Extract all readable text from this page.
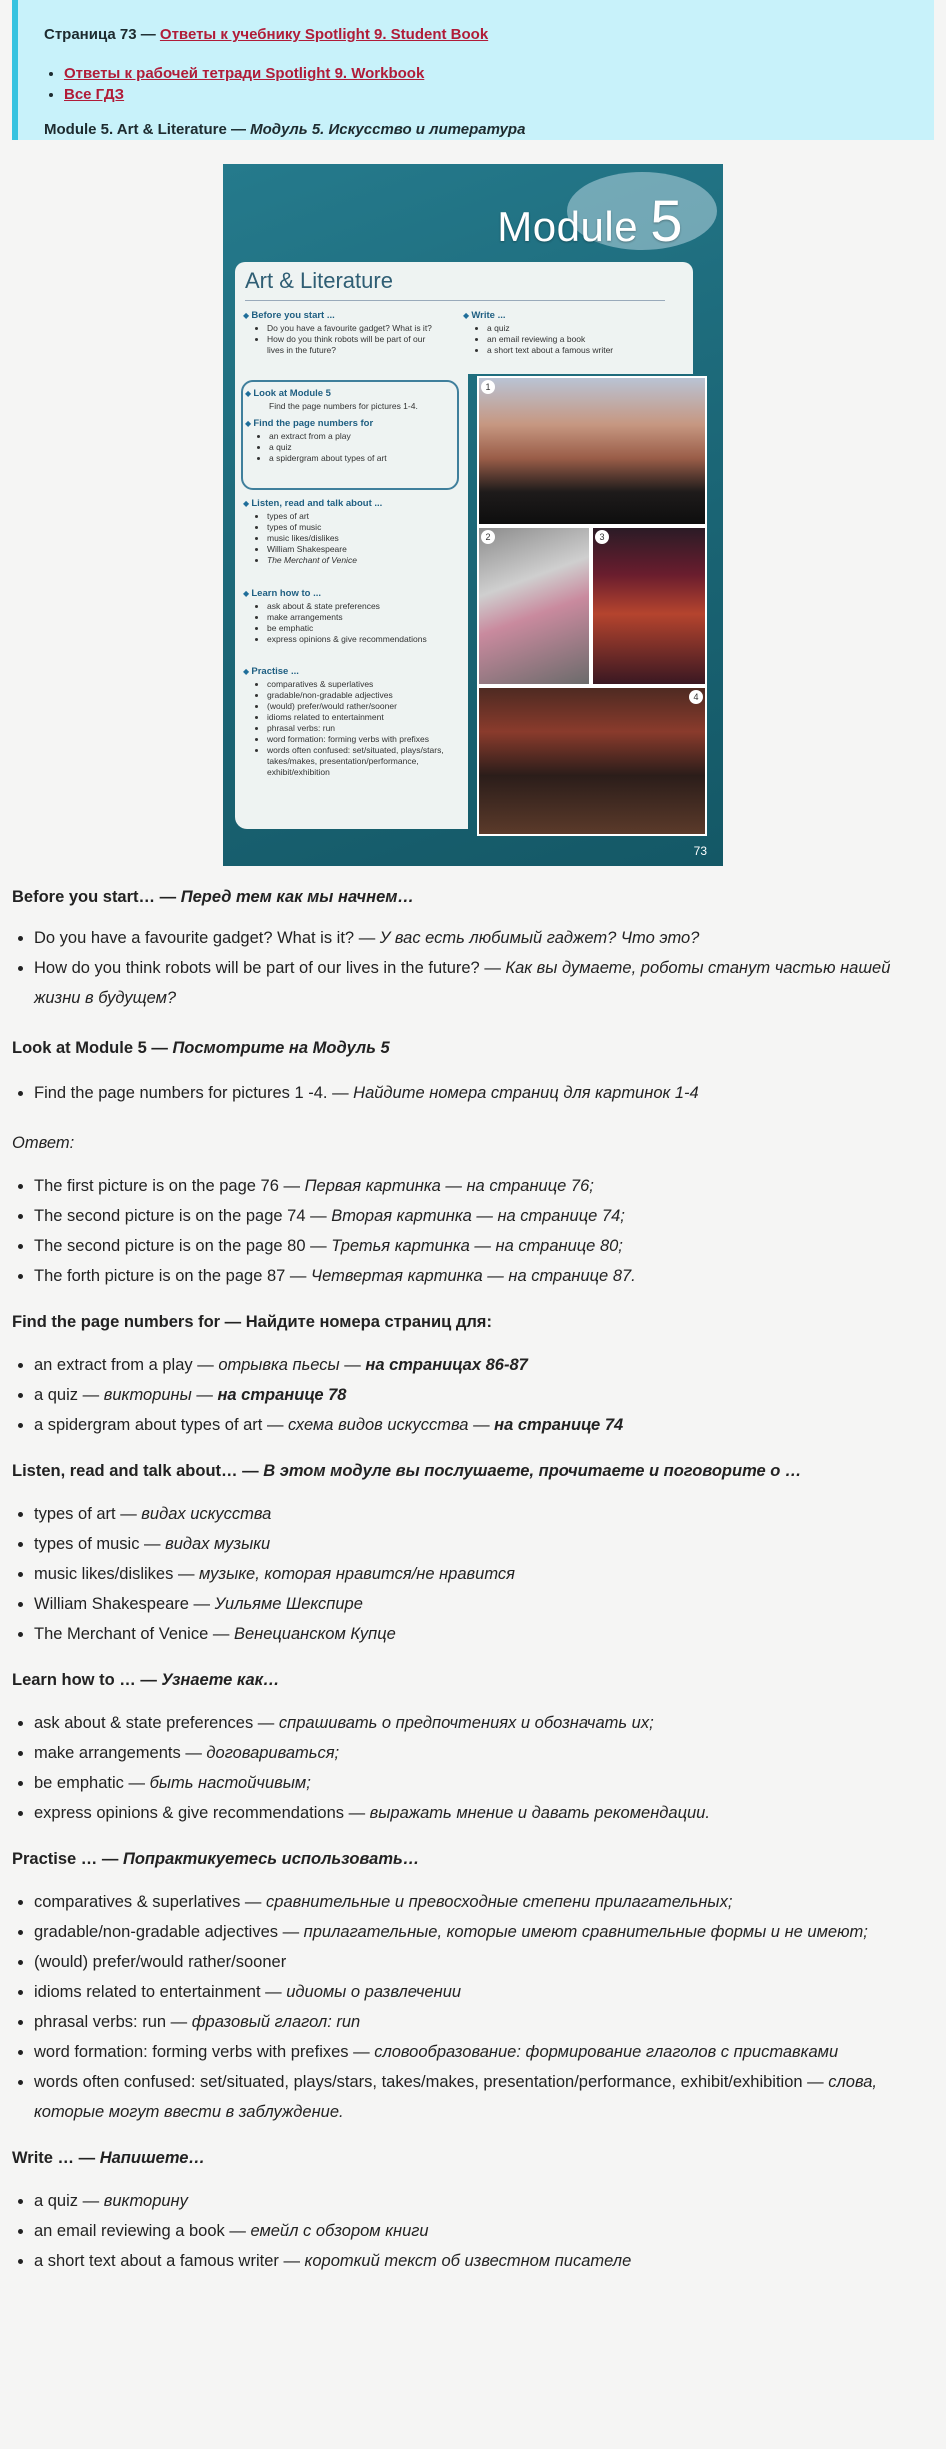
Страница 73 — Ответы к учебнику Spotlight 9. Student Book
• Ответы к рабочей тетради Spotlight 9. Workbook
• Все ГДЗ
Module 5. Art & Literature — Модуль 5. Искусство и литература
Module 5
Art & Literature
◆ Before you start ...
• Do you have a favourite gadget? What is it?
• How do you think robots will be part of our lives in the future?
◆ Write ...
• a quiz
• an email reviewing a book
• a short text about a famous writer
◆ Look at Module 5
Find the page numbers for pictures 1-4.
◆ Find the page numbers for
• an extract from a play
• a quiz
• a spidergram about types of art
◆ Listen, read and talk about ...
• types of art
• types of music
• music likes/dislikes
• William Shakespeare
• The Merchant of Venice
◆ Learn how to ...
• ask about & state preferences
• make arrangements
• be emphatic
• express opinions & give recommendations
◆ Practise ...
• comparatives & superlatives
• gradable/non-gradable adjectives
• (would) prefer/would rather/sooner
• idioms related to entertainment
• phrasal verbs: run
• word formation: forming verbs with prefixes
• words often confused: set/situated, plays/stars, takes/makes, presentation/performance, exhibit/exhibition
1
2	3
4
73
Before you start… — Перед тем как мы начнем…
• Do you have a favourite gadget? What is it? — У вас есть любимый гаджет? Что это?
• How do you think robots will be part of our lives in the future? — Как вы думаете, роботы станут частью нашей жизни в будущем?
Look at Module 5 — Посмотрите на Модуль 5
• Find the page numbers for pictures 1 -4. — Найдите номера страниц для картинок 1-4
Ответ:
• The first picture is on the page 76 — Первая картинка — на странице 76;
• The second picture is on the page 74 — Вторая картинка — на странице 74;
• The second picture is on the page 80 — Третья картинка — на странице 80;
• The forth picture is on the page 87 — Четвертая картинка — на странице 87.
Find the page numbers for — Найдите номера страниц для:
• an extract from a play — отрывка пьесы — на страницах 86-87
• a quiz — викторины — на странице 78
• a spidergram about types of art — схема видов искусства — на странице 74
Listen, read and talk about… — В этом модуле вы послушаете, прочитаете и поговорите о …
• types of art — видах искусства
• types of music — видах музыки
• music likes/dislikes — музыке, которая нравится/не нравится
• William Shakespeare — Уильяме Шекспире
• The Merchant of Venice — Венецианском Купце
Learn how to … — Узнаете как…
• ask about & state preferences — спрашивать о предпочтениях и обозначать их;
• make arrangements — договариваться;
• be emphatic — быть настойчивым;
• express opinions & give recommendations — выражать мнение и давать рекомендации.
Practise … — Попрактикуетесь использовать…
• comparatives & superlatives — сравнительные и превосходные степени прилагательных;
• gradable/non-gradable adjectives — прилагательные, которые имеют сравнительные формы и не имеют;
• (would) prefer/would rather/sooner
• idioms related to entertainment — идиомы о развлечении
• phrasal verbs: run — фразовый глагол: run
• word formation: forming verbs with prefixes — словообразование: формирование глаголов с приставками
• words often confused: set/situated, plays/stars, takes/makes, presentation/performance, exhibit/exhibition — слова, которые могут ввести в заблуждение.
Write … — Напишете…
• a quiz — викторину
• an email reviewing a book — емейл с обзором книги
• a short text about a famous writer — короткий текст об известном писателе
